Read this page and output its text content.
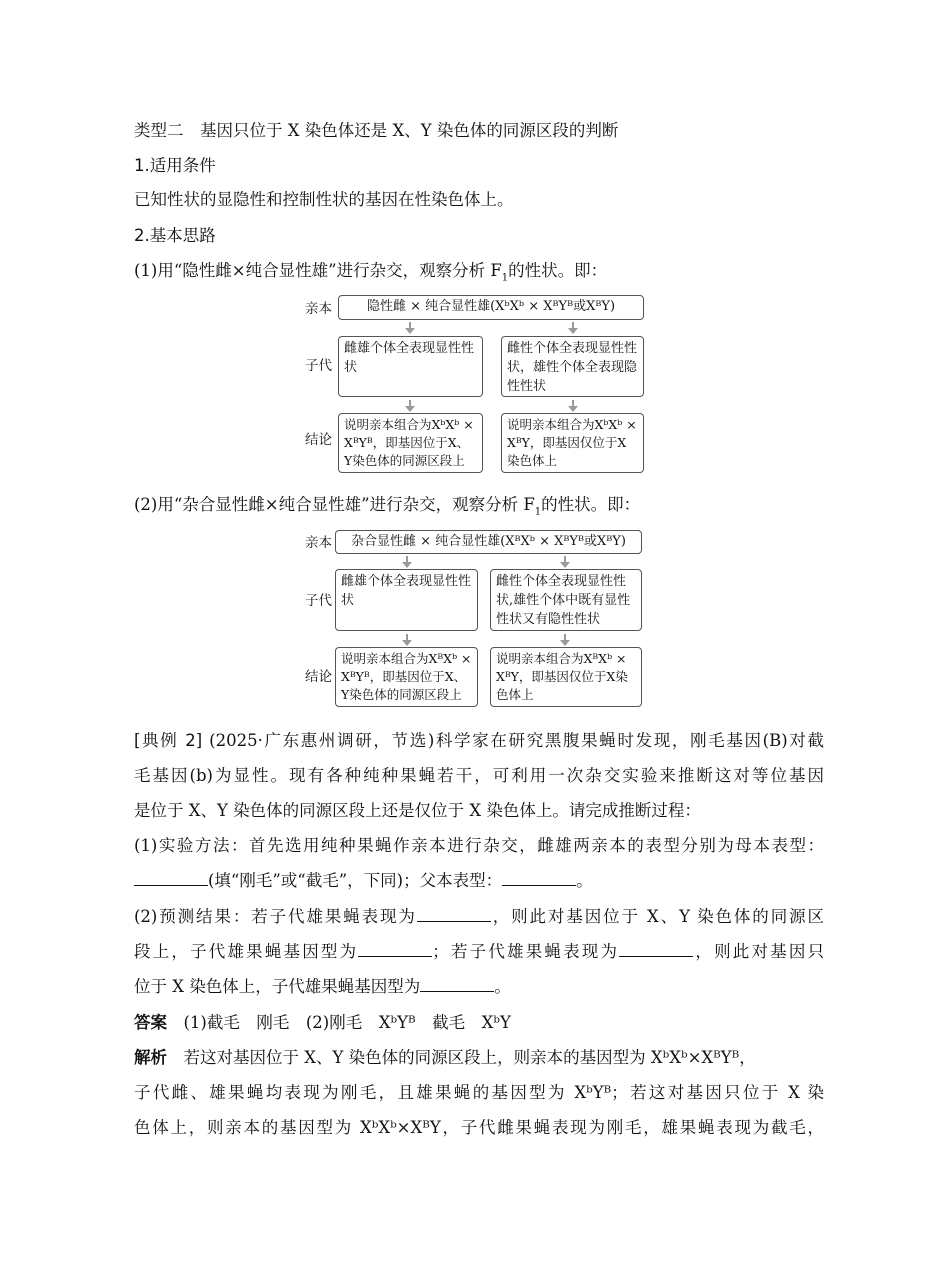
类型二　基因只位于 X 染色体还是 X、Y 染色体的同源区段的判断
1.适用条件
已知性状的显隐性和控制性状的基因在性染色体上。
2.基本思路
(1)用“隐性雌×纯合显性雄”进行杂交，观察分析 $F_1$的性状。即：
亲本
子代
结论
隐性雌 × 纯合显性雄(XᵇXᵇ × XᴮYᴮ或XᴮY)
雌雄个体全表现显性性状
雌性个体全表现显性性状，雄性个体全表现隐性性状
说明亲本组合为XᵇXᵇ × XᴮYᴮ，即基因位于X、Y染色体的同源区段上
说明亲本组合为XᵇXᵇ × XᴮY，即基因仅位于X染色体上
(2)用“杂合显性雌×纯合显性雄”进行杂交，观察分析 $F_1$的性状。即：
亲本
子代
结论
杂合显性雌 × 纯合显性雄(XᴮXᵇ × XᴮYᴮ或XᴮY)
雌雄个体全表现显性性状
雌性个体全表现显性性状,雄性个体中既有显性性状又有隐性性状
说明亲本组合为XᴮXᵇ × XᴮYᴮ，即基因位于X、Y染色体的同源区段上
说明亲本组合为XᴮXᵇ × XᴮY，即基因仅位于X染色体上
[典例 2] (2025·广东惠州调研，节选)科学家在研究黑腹果蝇时发现，刚毛基因(B)对截
毛基因(b)为显性。现有各种纯种果蝇若干，可利用一次杂交实验来推断这对等位基因
是位于 X、Y 染色体的同源区段上还是仅位于 X 染色体上。请完成推断过程：
(1)实验方法：首先选用纯种果蝇作亲本进行杂交，雌雄两亲本的表型分别为母本表型：
(填“刚毛”或“截毛”，下同)；父本表型：	。
(2)预测结果：若子代雄果蝇表现为	，则此对基因位于 X、Y 染色体的同源区
段上，子代雄果蝇基因型为	；若子代雄果蝇表现为	，则此对基因只
位于 X 染色体上，子代雄果蝇基因型为	。
答案　 (1)截毛　刚毛　(2)刚毛　XᵇYᴮ　截毛　XᵇY
解析　 若这对基因位于 X、Y 染色体的同源区段上，则亲本的基因型为 XᵇXᵇ×XᴮYᴮ，
子代雌、雄果蝇均表现为刚毛，且雄果蝇的基因型为 XᵇYᴮ；若这对基因只位于 X 染
色体上，则亲本的基因型为 XᵇXᵇ×XᴮY，子代雌果蝇表现为刚毛，雄果蝇表现为截毛，
